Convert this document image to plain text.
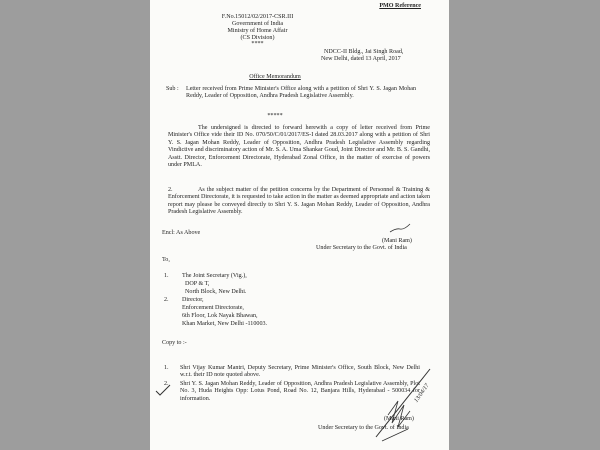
PMO Reference
F.No.15012/02/2017-CSR.III
Government of India
Ministry of Home Affair
(CS Division)
****
NDCC-II Bldg., Jai Singh Road,
New Delhi, dated 13 April, 2017
Office Memorandum
Sub : Letter received from Prime Minister's Office along with a petition of Shri Y. S. Jagan Mohan Reddy, Leader of Opposition, Andhra Pradesh Legislative Assembly.
*****
The undersigned is directed to forward herewith a copy of letter received from Prime Minister's Office vide their ID No. 070/50/C/01/2017/ES-I dated 28.03.2017 along with a petition of Shri Y. S. Jagan Mohan Reddy, Leader of Opposition, Andhra Pradesh Legislative Assembly regarding Vindictive and discriminatory action of Mr. S. A. Uma Shankar Goud, Joint Director and Mr. B. S. Gandhi, Asstt. Director, Enforcement Directorate, Hyderabad Zonal Office, in the matter of exercise of powers under PMLA.
2.	As the subject matter of the petition concerns by the Department of Personnel & Training & Enforcement Directorate, it is requested to take action in the matter as deemed appropriate and action taken report may please be conveyed directly to Shri Y. S. Jagan Mohan Reddy, Leader of Opposition, Andhra Pradesh Legislative Assembly.
Encl: As Above
(Mani Ram)
Under Secretary to the Govt. of India
To,
1. The Joint Secretary (Vig.),
DOP & T,
North Block, New Delhi.
2. Director,
Enforcement Directorate,
6th Floor, Lok Nayak Bhawan,
Khan Market, New Delhi -110003.
Copy to :-
1. Shri Vijay Kumar Mantri, Deputy Secretary, Prime Minister's Office, South Block, New Delhi w.r.t. their ID note quoted above.
2. Shri Y. S. Jagan Mohan Reddy, Leader of Opposition, Andhra Pradesh Legislative Assembly, Plot No. 3, Huda Heights Opp: Lotus Pond, Road No. 12, Banjara Hills, Hyderabad - 500034 for information.	13/04/17
(Mani Ram)
Under Secretary to the Govt. of India
